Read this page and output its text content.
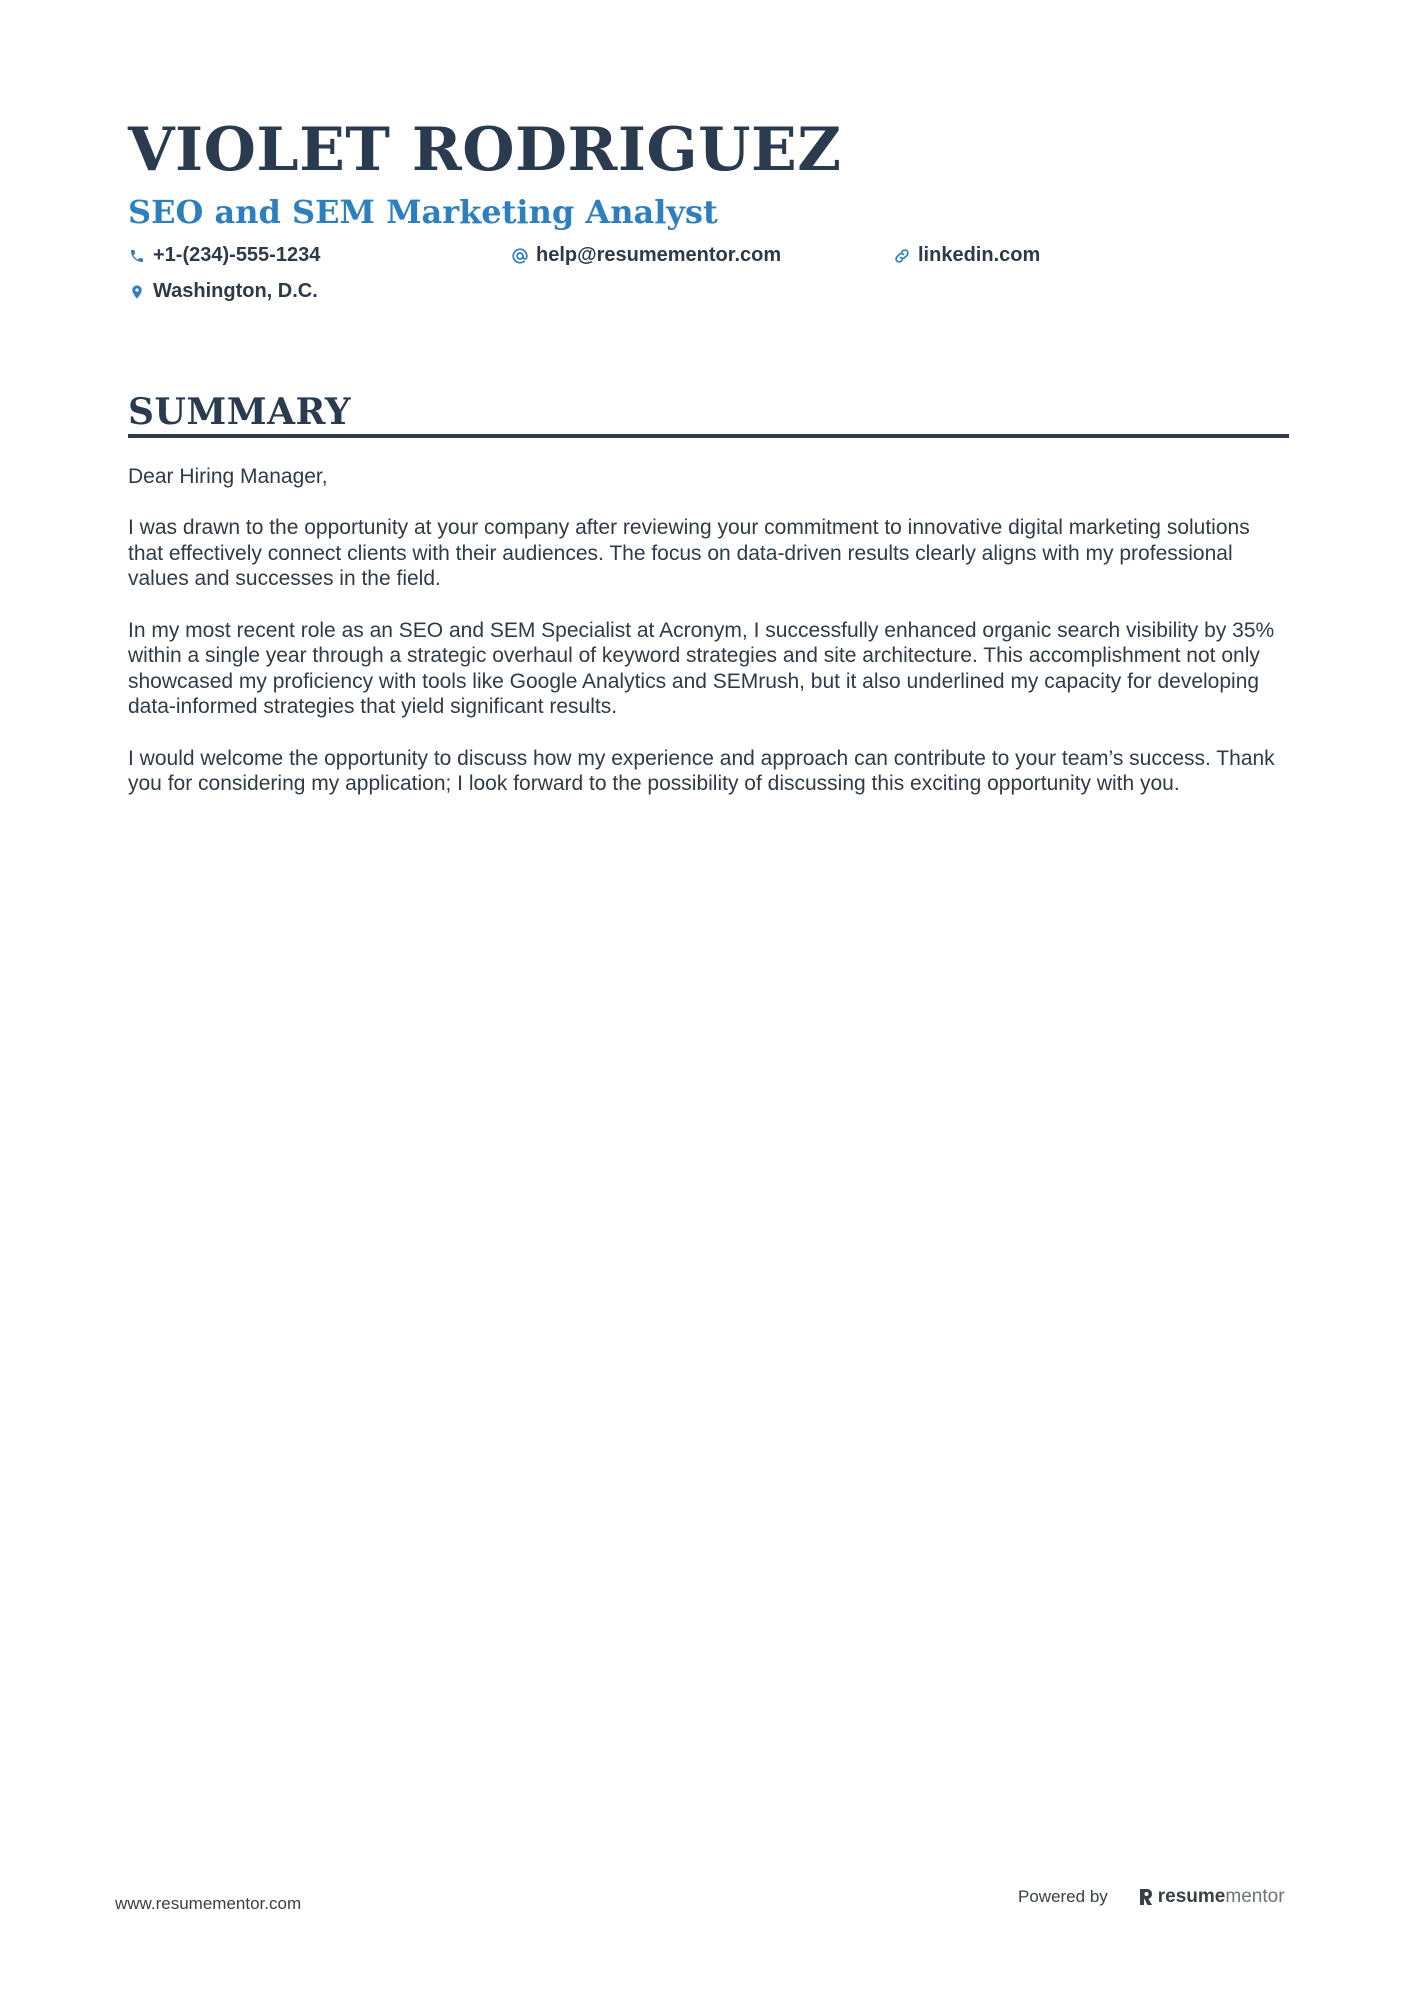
VIOLET RODRIGUEZ
SEO and SEM Marketing Analyst
+1-(234)-555-1234	help@resumementor.com	linkedin.com
Washington, D.C.
SUMMARY

Dear Hiring Manager,

I was drawn to the opportunity at your company after reviewing your commitment to innovative digital marketing solutions that effectively connect clients with their audiences. The focus on data-driven results clearly aligns with my professional values and successes in the field.

In my most recent role as an SEO and SEM Specialist at Acronym, I successfully enhanced organic search visibility by 35% within a single year through a strategic overhaul of keyword strategies and site architecture. This accomplishment not only showcased my proficiency with tools like Google Analytics and SEMrush, but it also underlined my capacity for developing data-informed strategies that yield significant results.

I would welcome the opportunity to discuss how my experience and approach can contribute to your team’s success. Thank you for considering my application; I look forward to the possibility of discussing this exciting opportunity with you.

www.resumementor.com	Powered by	resume mentor
